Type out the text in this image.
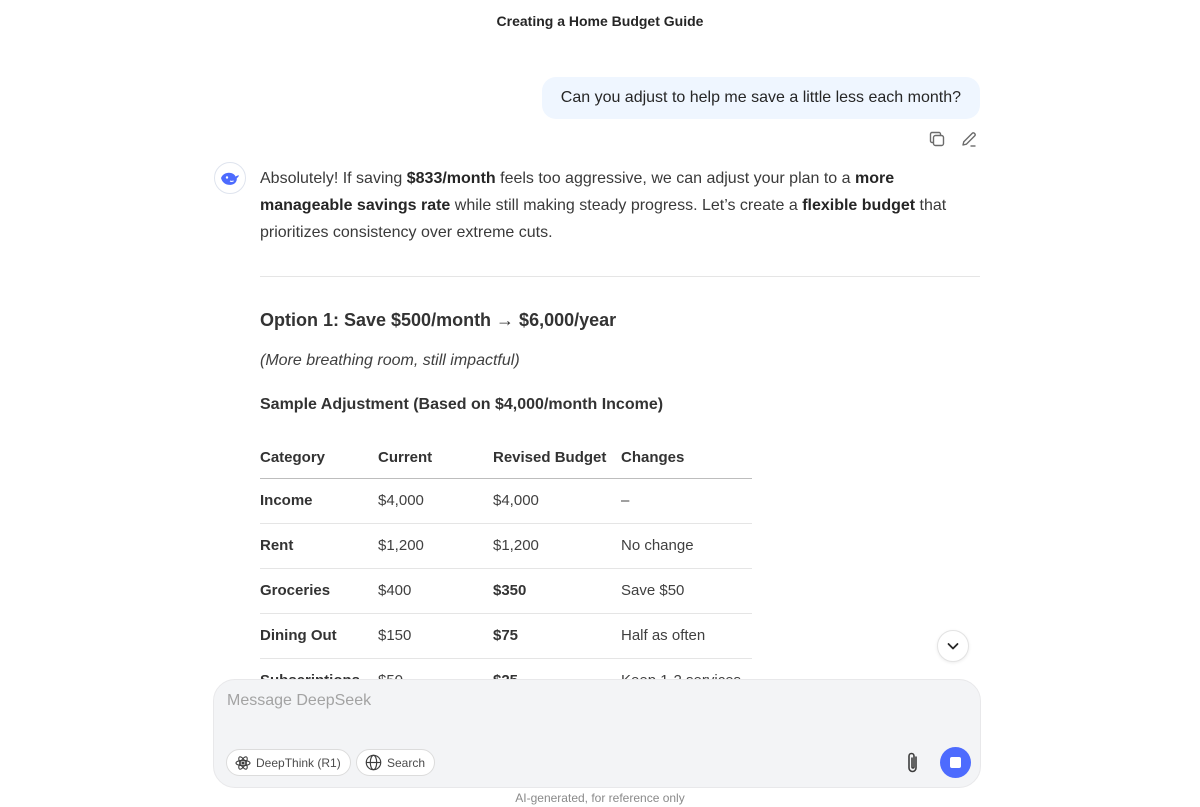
Creating a Home Budget Guide
Can you adjust to help me save a little less each month?

Absolutely! If saving $833/month feels too aggressive, we can adjust your plan to a more manageable savings rate while still making steady progress. Let’s create a flexible budget that prioritizes consistency over extreme cuts.

Option 1: Save $500/month → $6,000/year
(More breathing room, still impactful)
Sample Adjustment (Based on $4,000/month Income)
Category	Current	Revised Budget	Changes
Income	$4,000	$4,000	–
Rent	$1,200	$1,200	No change
Groceries	$400	$350	Save $50
Dining Out	$150	$75	Half as often

Message DeepSeek
DeepThink (R1)	Search
AI-generated, for reference only
